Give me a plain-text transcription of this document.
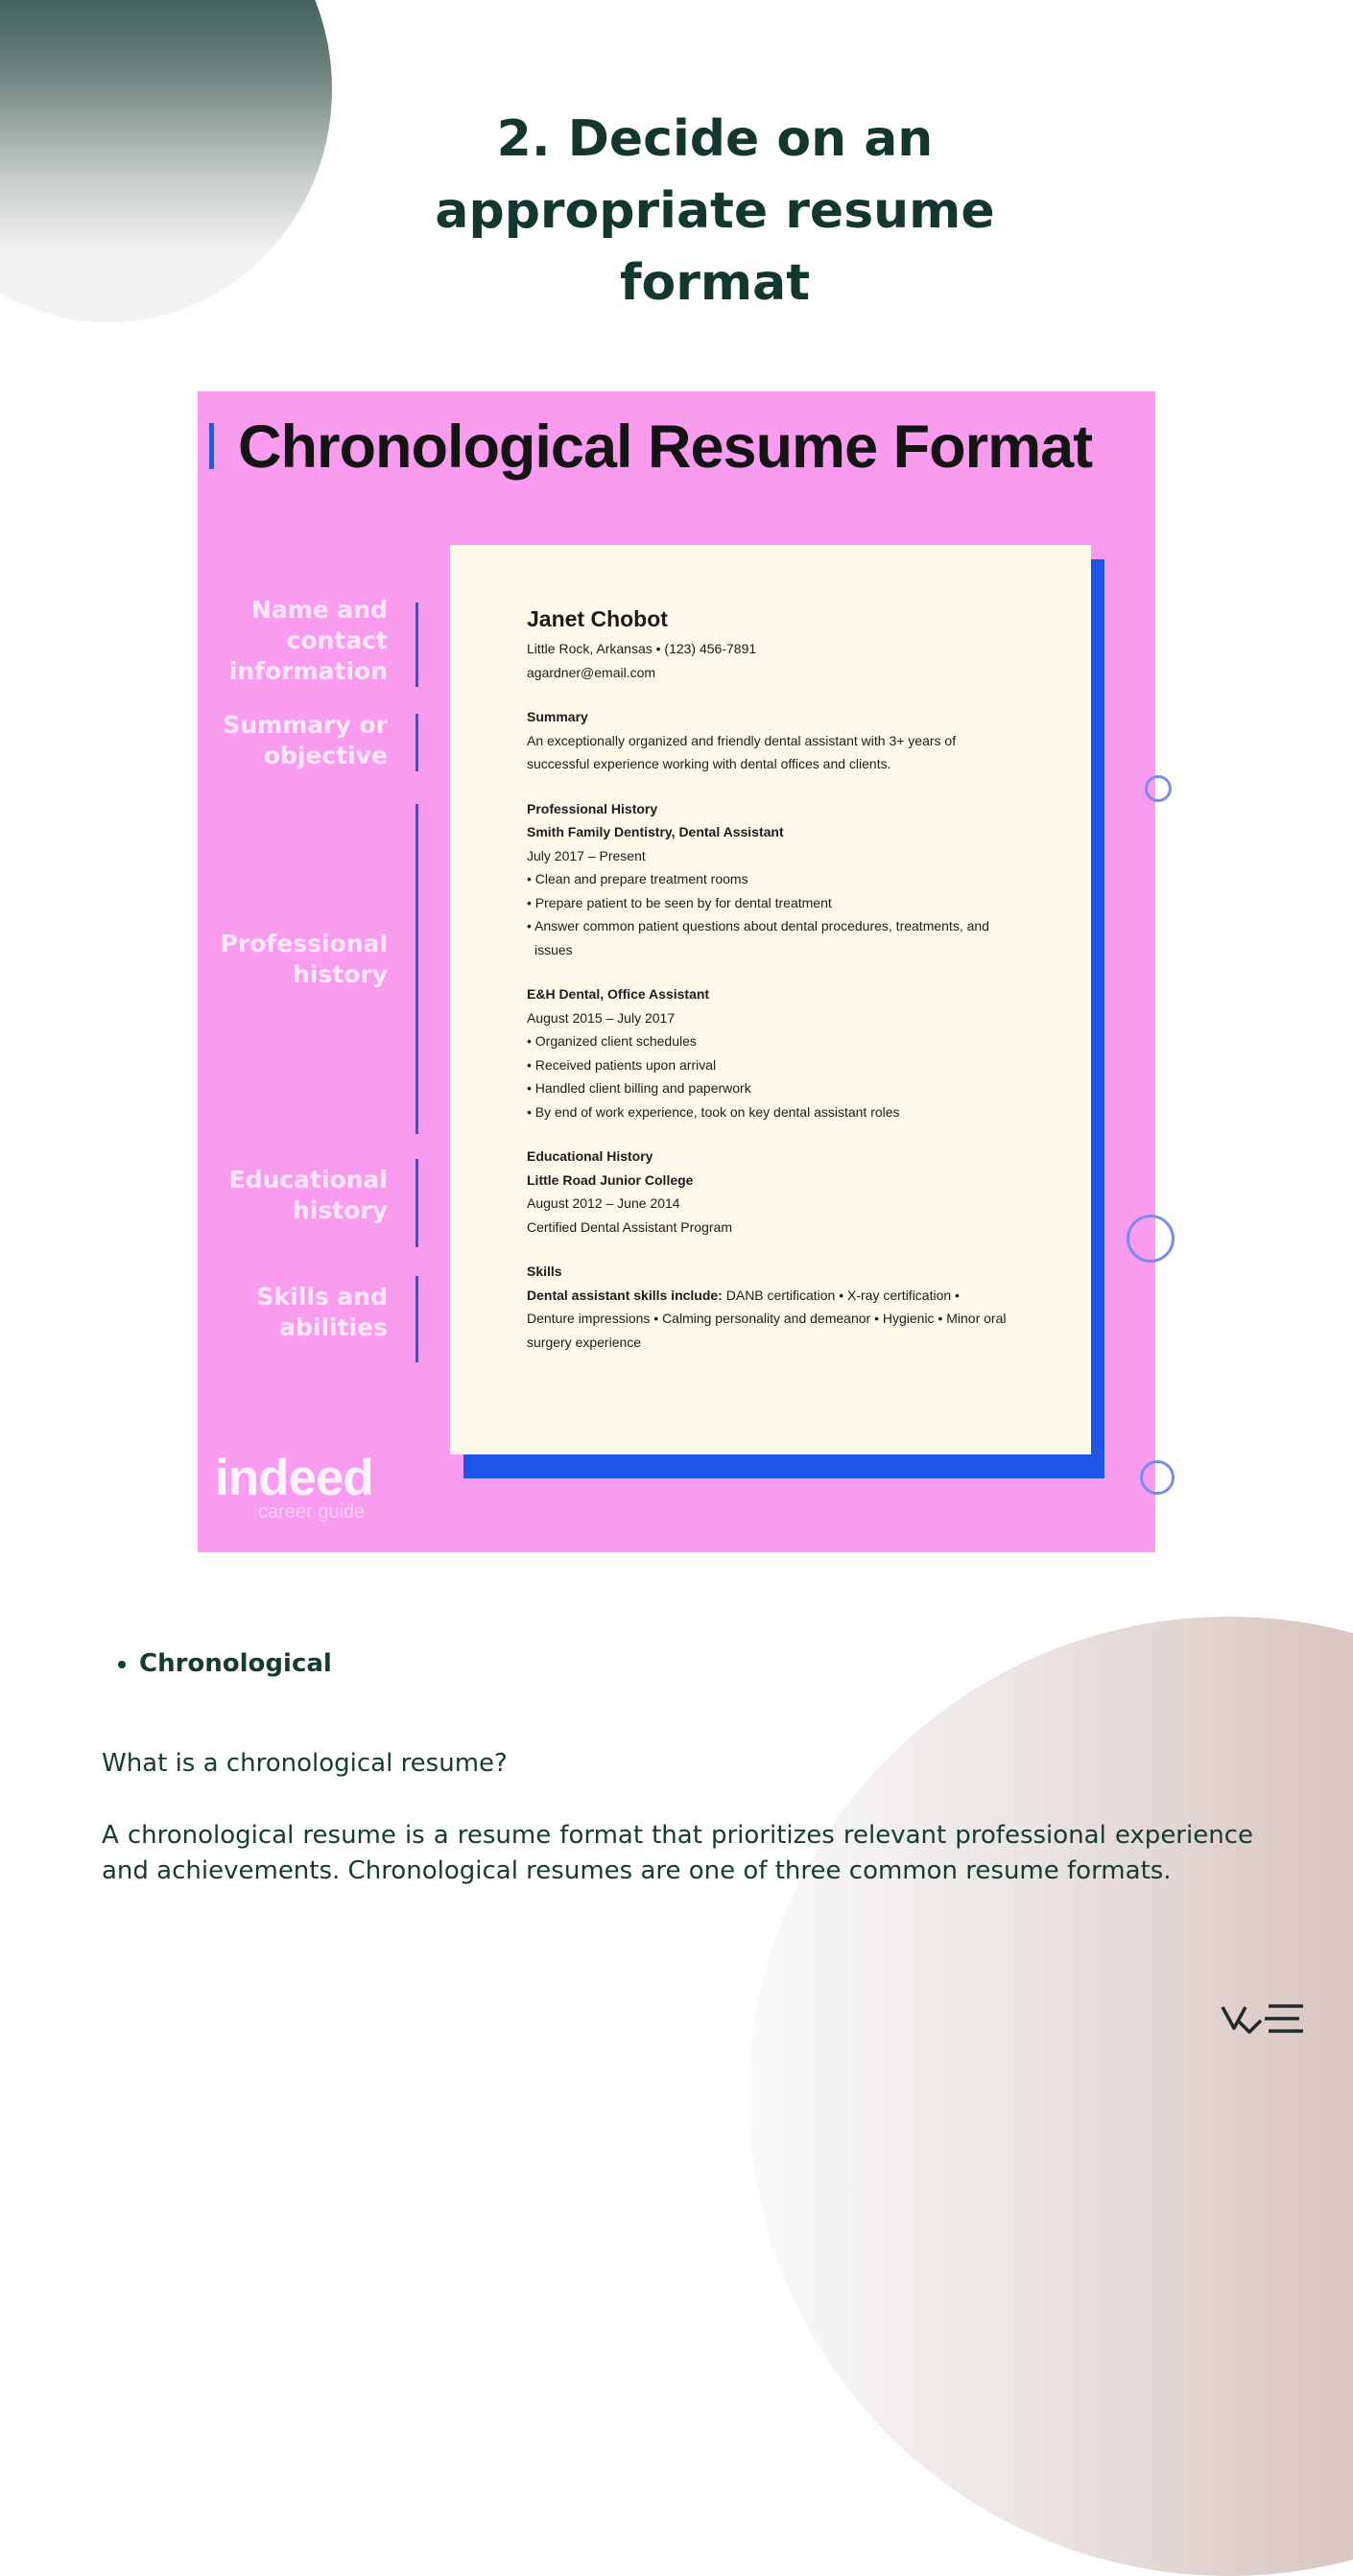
2. Decide on an appropriate resume format
Chronological Resume Format
Name and
contact
information
Summary or
objective
Professional
history
Educational
history
Skills and
abilities
Janet Chobot
Little Rock, Arkansas • (123) 456-7891
agardner@email.com
Summary
An exceptionally organized and friendly dental assistant with 3+ years of
successful experience working with dental offices and clients.
Professional History
Smith Family Dentistry, Dental Assistant
July 2017 – Present
• Clean and prepare treatment rooms
• Prepare patient to be seen by for dental treatment
• Answer common patient questions about dental procedures, treatments, and
issues
E&H Dental, Office Assistant
August 2015 – July 2017
• Organized client schedules
• Received patients upon arrival
• Handled client billing and paperwork
• By end of work experience, took on key dental assistant roles
Educational History
Little Road Junior College
August 2012 – June 2014
Certified Dental Assistant Program
Skills
Dental assistant skills include: DANB certification • X-ray certification •
Denture impressions • Calming personality and demeanor • Hygienic • Minor oral
surgery experience
indeed
career guide
Chronological

What is a chronological resume?

A chronological resume is a resume format that prioritizes relevant professional experience and achievements. Chronological resumes are one of three common resume formats.
